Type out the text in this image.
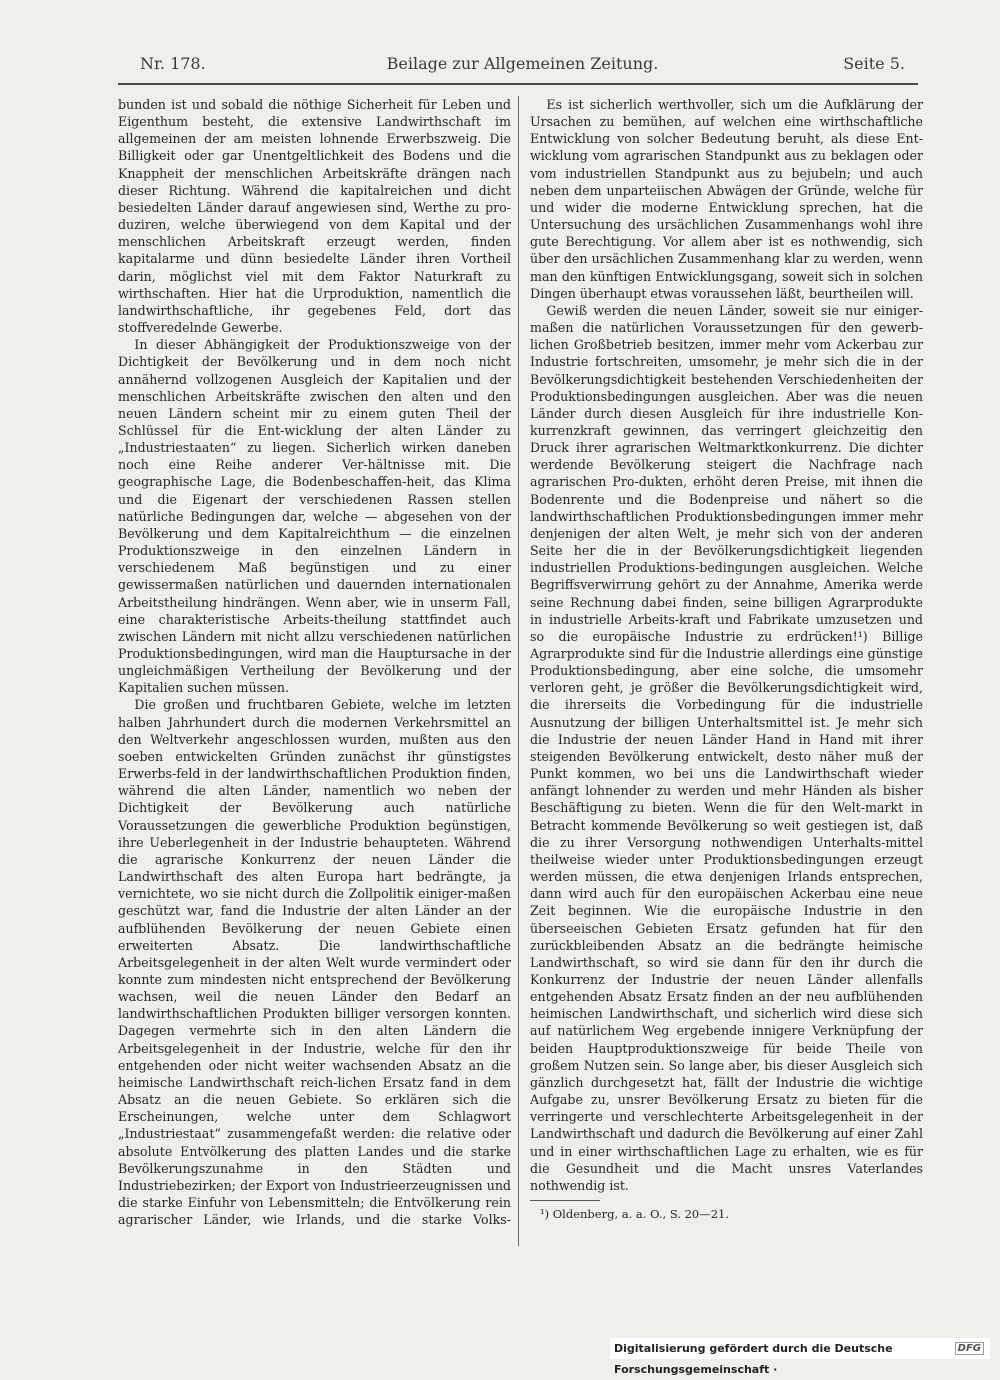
Nr. 178.	Beilage zur Allgemeinen Zeitung.	Seite 5.

bunden ist und sobald die nöthige Sicherheit für Leben und Eigenthum besteht, die extensive Landwirthschaft im allgemeinen der am meisten lohnende Erwerbszweig. Die Billigkeit oder gar Unentgeltlichkeit des Bodens und die Knappheit der menschlichen Arbeitskräfte drängen nach dieser Richtung. Während die kapitalreichen und dicht besiedelten Länder darauf angewiesen sind, Werthe zu pro-duziren, welche überwiegend von dem Kapital und der menschlichen Arbeitskraft erzeugt werden, finden kapitalarme und dünn besiedelte Länder ihren Vortheil darin, möglichst viel mit dem Faktor Naturkraft zu wirthschaften. Hier hat die Urproduktion, namentlich die landwirthschaftliche, ihr gegebenes Feld, dort das stoffveredelnde Gewerbe.

In dieser Abhängigkeit der Produktionszweige von der Dichtigkeit der Bevölkerung und in dem noch nicht annähernd vollzogenen Ausgleich der Kapitalien und der menschlichen Arbeitskräfte zwischen den alten und den neuen Ländern scheint mir zu einem guten Theil der Schlüssel für die Ent-wicklung der alten Länder zu „Industriestaaten“ zu liegen. Sicherlich wirken daneben noch eine Reihe anderer Ver-hältnisse mit. Die geographische Lage, die Bodenbeschaffen-heit, das Klima und die Eigenart der verschiedenen Rassen stellen natürliche Bedingungen dar, welche — abgesehen von der Bevölkerung und dem Kapitalreichthum — die einzelnen Produktionszweige in den einzelnen Ländern in verschiedenem Maß begünstigen und zu einer gewissermaßen natürlichen und dauernden internationalen Arbeitstheilung hindrängen. Wenn aber, wie in unserm Fall, eine charakteristische Arbeits-theilung stattfindet auch zwischen Ländern mit nicht allzu verschiedenen natürlichen Produktionsbedingungen, wird man die Hauptursache in der ungleichmäßigen Vertheilung der Bevölkerung und der Kapitalien suchen müssen.

Die großen und fruchtbaren Gebiete, welche im letzten halben Jahrhundert durch die modernen Verkehrsmittel an den Weltverkehr angeschlossen wurden, mußten aus den soeben entwickelten Gründen zunächst ihr günstigstes Erwerbs-feld in der landwirthschaftlichen Produktion finden, während die alten Länder, namentlich wo neben der Dichtigkeit der Bevölkerung auch natürliche Voraussetzungen die gewerbliche Produktion begünstigen, ihre Ueberlegenheit in der Industrie behaupteten. Während die agrarische Konkurrenz der neuen Länder die Landwirthschaft des alten Europa hart bedrängte, ja vernichtete, wo sie nicht durch die Zollpolitik einiger-maßen geschützt war, fand die Industrie der alten Länder an der aufblühenden Bevölkerung der neuen Gebiete einen erweiterten Absatz. Die landwirthschaftliche Arbeitsgelegenheit in der alten Welt wurde vermindert oder konnte zum mindesten nicht entsprechend der Bevölkerung wachsen, weil die neuen Länder den Bedarf an landwirthschaftlichen Produkten billiger versorgen konnten. Dagegen vermehrte sich in den alten Ländern die Arbeitsgelegenheit in der Industrie, welche für den ihr entgehenden oder nicht weiter wachsenden Absatz an die heimische Landwirthschaft reich-lichen Ersatz fand in dem Absatz an die neuen Gebiete. So erklären sich die Erscheinungen, welche unter dem Schlagwort „Industriestaat“ zusammengefaßt werden: die relative oder absolute Entvölkerung des platten Landes und die starke Bevölkerungszunahme in den Städten und Industriebezirken; der Export von Industrieerzeugnissen und die starke Einfuhr von Lebensmitteln; die Entvölkerung rein agrarischer Länder, wie Irlands, und die starke Volks-

Es ist sicherlich werthvoller, sich um die Aufklärung der Ursachen zu bemühen, auf welchen eine wirthschaftliche Entwicklung von solcher Bedeutung beruht, als diese Ent-wicklung vom agrarischen Standpunkt aus zu beklagen oder vom industriellen Standpunkt aus zu bejubeln; und auch neben dem unparteiischen Abwägen der Gründe, welche für und wider die moderne Entwicklung sprechen, hat die Untersuchung des ursächlichen Zusammenhangs wohl ihre gute Berechtigung. Vor allem aber ist es nothwendig, sich über den ursächlichen Zusammenhang klar zu werden, wenn man den künftigen Entwicklungsgang, soweit sich in solchen Dingen überhaupt etwas voraussehen läßt, beurtheilen will.

Gewiß werden die neuen Länder, soweit sie nur einiger-maßen die natürlichen Voraussetzungen für den gewerb-lichen Großbetrieb besitzen, immer mehr vom Ackerbau zur Industrie fortschreiten, umsomehr, je mehr sich die in der Bevölkerungsdichtigkeit bestehenden Verschiedenheiten der Produktionsbedingungen ausgleichen. Aber was die neuen Länder durch diesen Ausgleich für ihre industrielle Kon-kurrenzkraft gewinnen, das verringert gleichzeitig den Druck ihrer agrarischen Weltmarktkonkurrenz. Die dichter werdende Bevölkerung steigert die Nachfrage nach agrarischen Pro-dukten, erhöht deren Preise, mit ihnen die Bodenrente und die Bodenpreise und nähert so die landwirthschaftlichen Produktionsbedingungen immer mehr denjenigen der alten Welt, je mehr sich von der anderen Seite her die in der Bevölkerungsdichtigkeit liegenden industriellen Produktions-bedingungen ausgleichen. Welche Begriffsverwirrung gehört zu der Annahme, Amerika werde seine Rechnung dabei finden, seine billigen Agrarprodukte in industrielle Arbeits-kraft und Fabrikate umzusetzen und so die europäische Industrie zu erdrücken!¹) Billige Agrarprodukte sind für die Industrie allerdings eine günstige Produktionsbedingung, aber eine solche, die umsomehr verloren geht, je größer die Bevölkerungsdichtigkeit wird, die ihrerseits die Vorbedingung für die industrielle Ausnutzung der billigen Unterhaltsmittel ist. Je mehr sich die Industrie der neuen Länder Hand in Hand mit ihrer steigenden Bevölkerung entwickelt, desto näher muß der Punkt kommen, wo bei uns die Landwirthschaft wieder anfängt lohnender zu werden und mehr Händen als bisher Beschäftigung zu bieten. Wenn die für den Welt-markt in Betracht kommende Bevölkerung so weit gestiegen ist, daß die zu ihrer Versorgung nothwendigen Unterhalts-mittel theilweise wieder unter Produktionsbedingungen erzeugt werden müssen, die etwa denjenigen Irlands entsprechen, dann wird auch für den europäischen Ackerbau eine neue Zeit beginnen. Wie die europäische Industrie in den überseeischen Gebieten Ersatz gefunden hat für den zurückbleibenden Absatz an die bedrängte heimische Landwirthschaft, so wird sie dann für den ihr durch die Konkurrenz der Industrie der neuen Länder allenfalls entgehenden Absatz Ersatz finden an der neu aufblühenden heimischen Landwirthschaft, und sicherlich wird diese sich auf natürlichem Weg ergebende innigere Verknüpfung der beiden Hauptproduktionszweige für beide Theile von großem Nutzen sein. So lange aber, bis dieser Ausgleich sich gänzlich durchgesetzt hat, fällt der Industrie die wichtige Aufgabe zu, unsrer Bevölkerung Ersatz zu bieten für die verringerte und verschlechterte Arbeitsgelegenheit in der Landwirthschaft und dadurch die Bevölkerung auf einer Zahl und in einer wirthschaftlichen Lage zu erhalten, wie es für die Gesundheit und die Macht unsres Vaterlandes nothwendig ist.

¹) Oldenberg, a. a. O., S. 20—21.
Digitalisierung gefördert durch die Deutsche Forschungsgemeinschaft ·
DFG
